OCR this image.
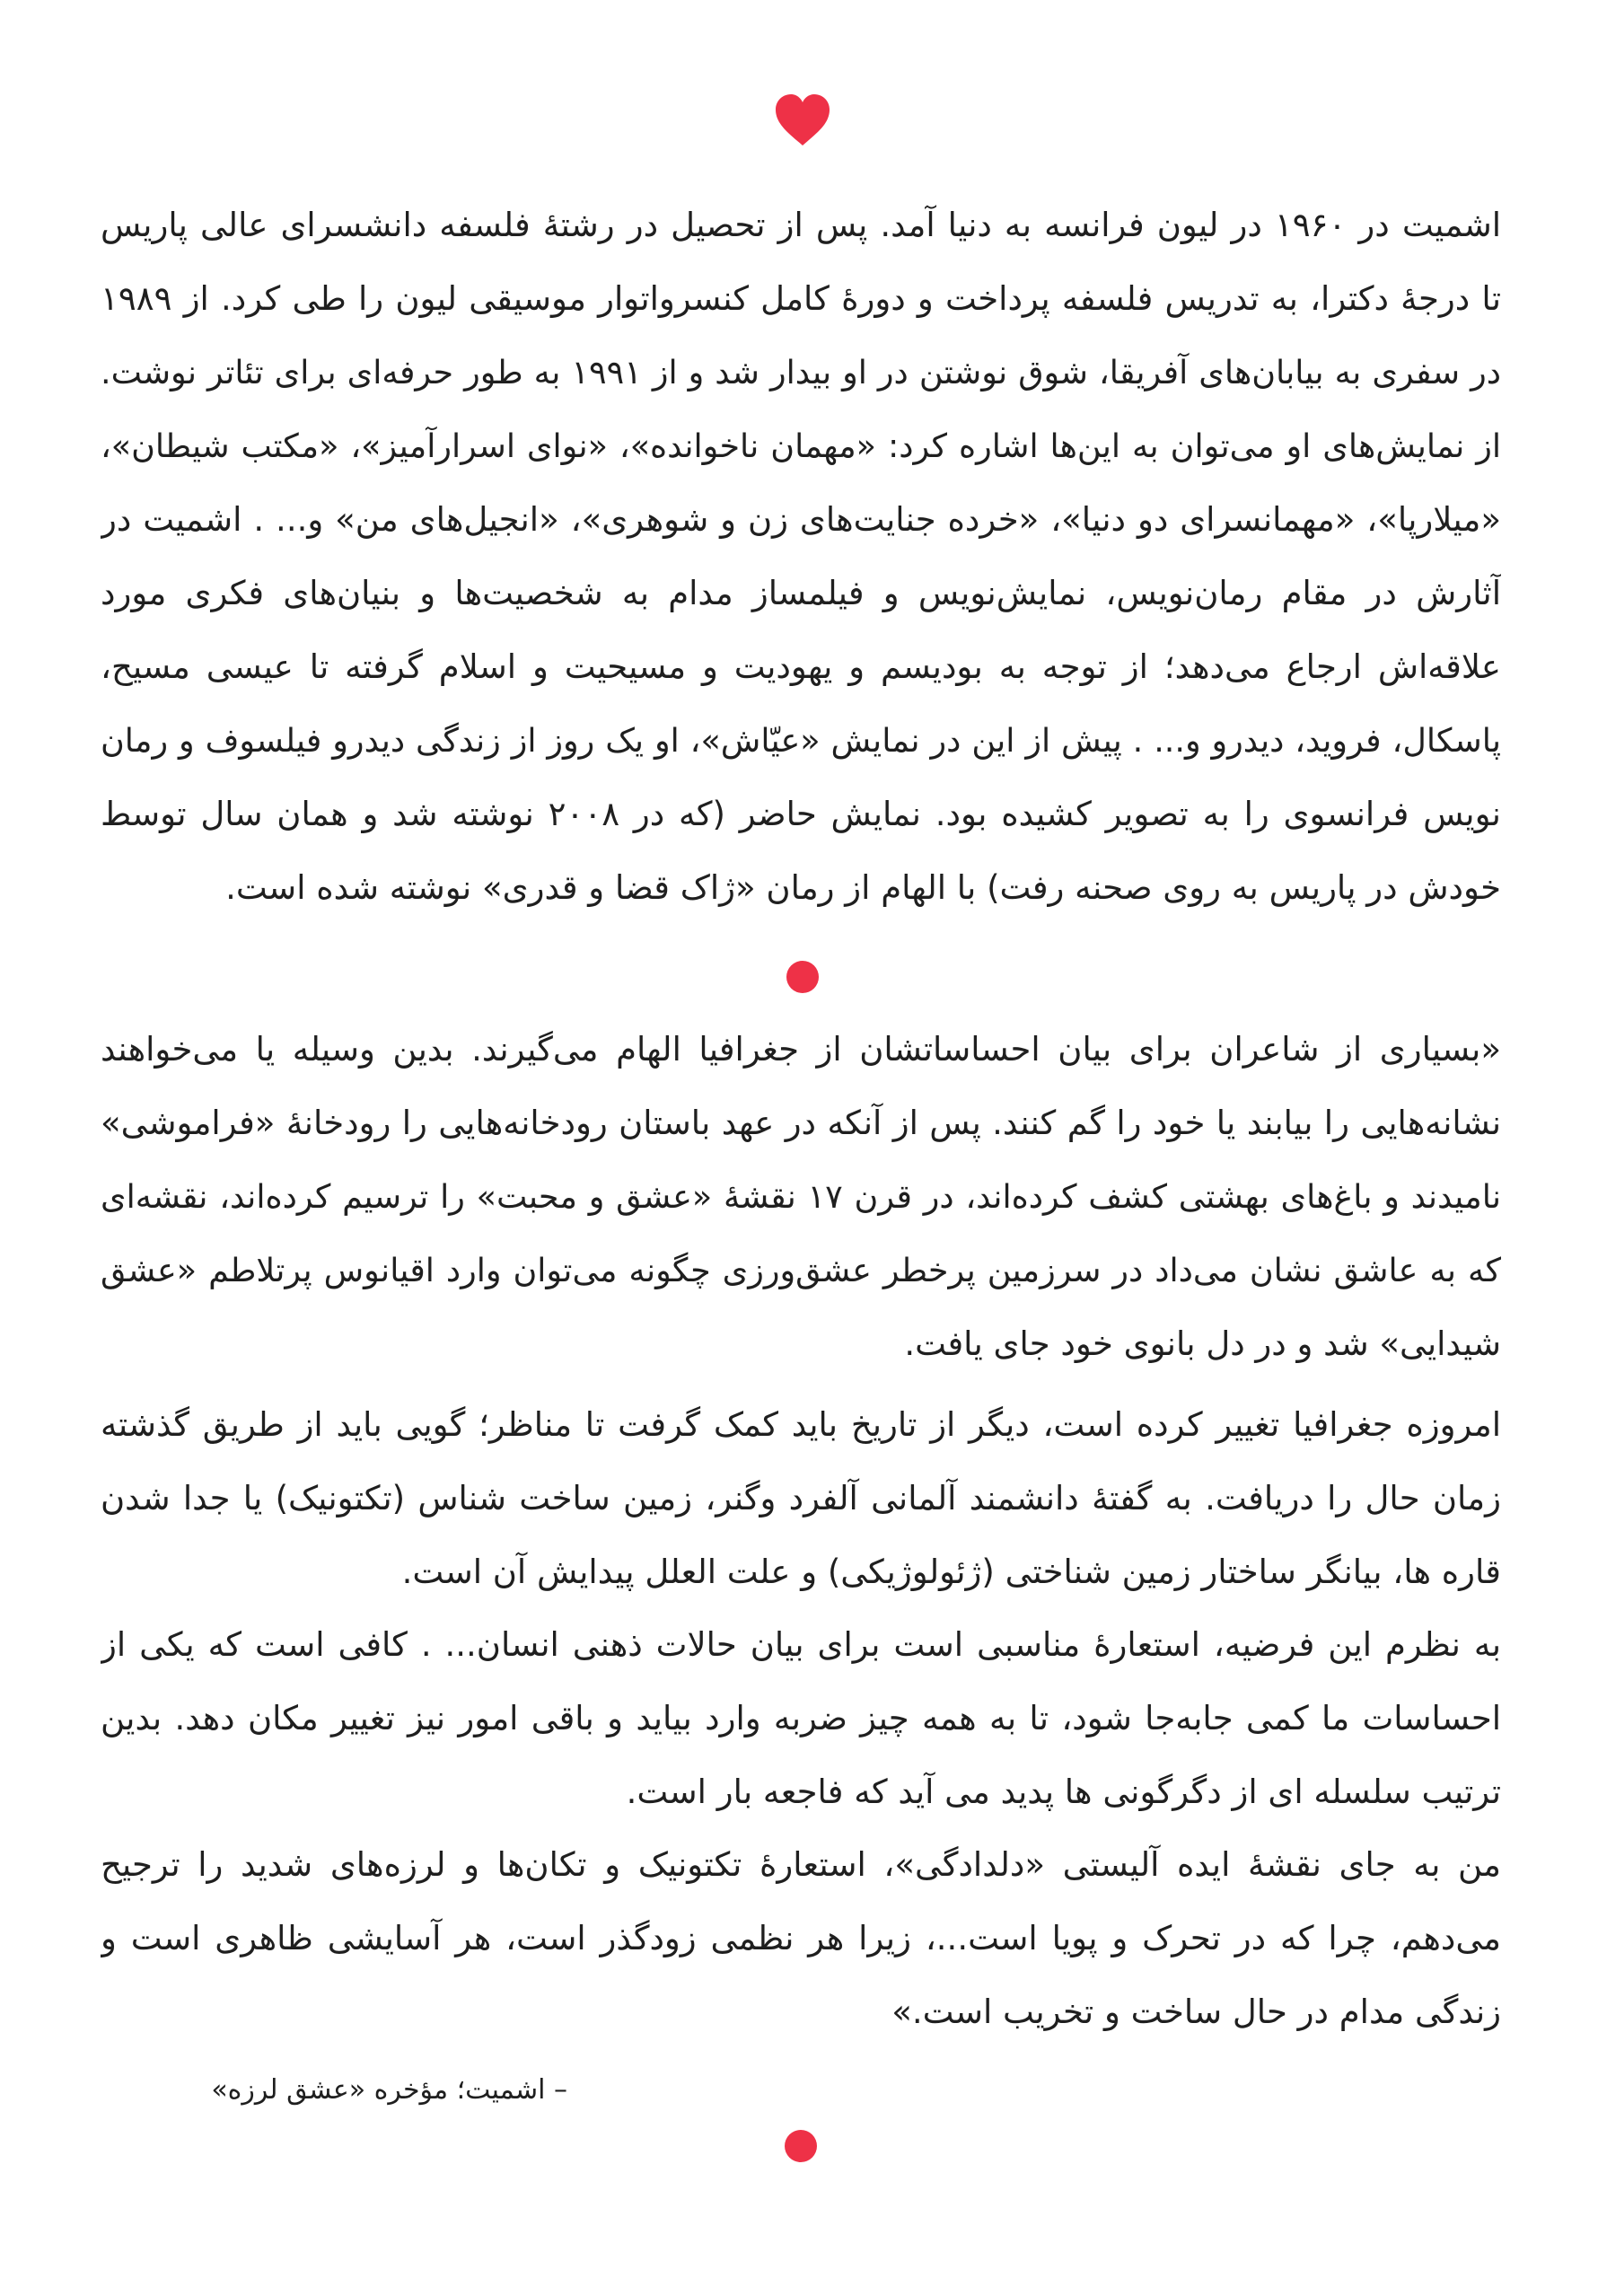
اشمیت در ۱۹۶۰ در لیون فرانسه به دنیا آمد. پس از تحصیل در رشتهٔ فلسفه دانشسرای عالی پاریس
تا درجهٔ دکترا، به تدریس فلسفه پرداخت و دورهٔ کامل کنسرواتوار موسیقی لیون را طی کرد. از ۱۹۸۹
در سفری به بیابان‌های آفریقا، شوق نوشتن در او بیدار شد و از ۱۹۹۱ به طور حرفه‌ای برای تئاتر نوشت.
از نمایش‌های او می‌توان به این‌ها اشاره کرد: «مهمان ناخوانده»، «نوای اسرارآمیز»، «مکتب شیطان»،
«میلارپا»، «مهمانسرای دو دنیا»، «خرده جنایت‌های زن و شوهری»، «انجیل‌های من» و... . اشمیت در
آثارش در مقام رمان‌نویس، نمایش‌نویس و فیلمساز مدام به شخصیت‌ها و بنیان‌های فکری مورد
علاقه‌اش ارجاع می‌دهد؛ از توجه به بودیسم و یهودیت و مسیحیت و اسلام گرفته تا عیسی مسیح،
پاسکال، فروید، دیدرو و... . پیش از این در نمایش «عیّاش»، او یک روز از زندگی دیدرو فیلسوف و رمان
نویس فرانسوی را به تصویر کشیده بود. نمایش حاضر (که در ۲۰۰۸ نوشته شد و همان سال توسط
خودش در پاریس به روی صحنه رفت) با الهام از رمان «ژاک قضا و قدری» نوشته شده است.
«بسیاری از شاعران برای بیان احساساتشان از جغرافیا الهام می‌گیرند. بدین وسیله یا می‌خواهند
نشانه‌هایی را بیابند یا خود را گم کنند. پس از آنکه در عهد باستان رودخانه‌هایی را رودخانهٔ «فراموشی»
نامیدند و باغ‌های بهشتی کشف کرده‌اند، در قرن ۱۷ نقشهٔ «عشق و محبت» را ترسیم کرده‌اند، نقشه‌ای
که به عاشق نشان می‌داد در سرزمین پرخطر عشق‌ورزی چگونه می‌توان وارد اقیانوس پرتلاطم «عشق
شیدایی» شد و در دل بانوی خود جای یافت.
امروزه جغرافیا تغییر کرده است، دیگر از تاریخ باید کمک گرفت تا مناظر؛ گویی باید از طریق گذشته
زمان حال را دریافت. به گفتهٔ دانشمند آلمانی آلفرد وگنر، زمین ساخت شناس (تکتونیک) یا جدا شدن
قاره ها، بیانگر ساختار زمین شناختی (ژئولوژیکی) و علت العلل پیدایش آن است.
به نظرم این فرضیه، استعارهٔ مناسبی است برای بیان حالات ذهنی انسان... . کافی است که یکی از
احساسات ما کمی جابه‌جا شود، تا به همه چیز ضربه وارد بیاید و باقی امور نیز تغییر مکان دهد. بدین
ترتیب سلسله ای از دگرگونی ها پدید می آید که فاجعه بار است.
من به جای نقشهٔ ایده آلیستی «دلدادگی»، استعارهٔ تکتونیک و تکان‌ها و لرزه‌های شدید را ترجیح
می‌دهم، چرا که در تحرک و پویا است...، زیرا هر نظمی زودگذر است، هر آسایشی ظاهری است و
زندگی مدام در حال ساخت و تخریب است.»
– اشمیت؛ مؤخره «عشق لرزه»
